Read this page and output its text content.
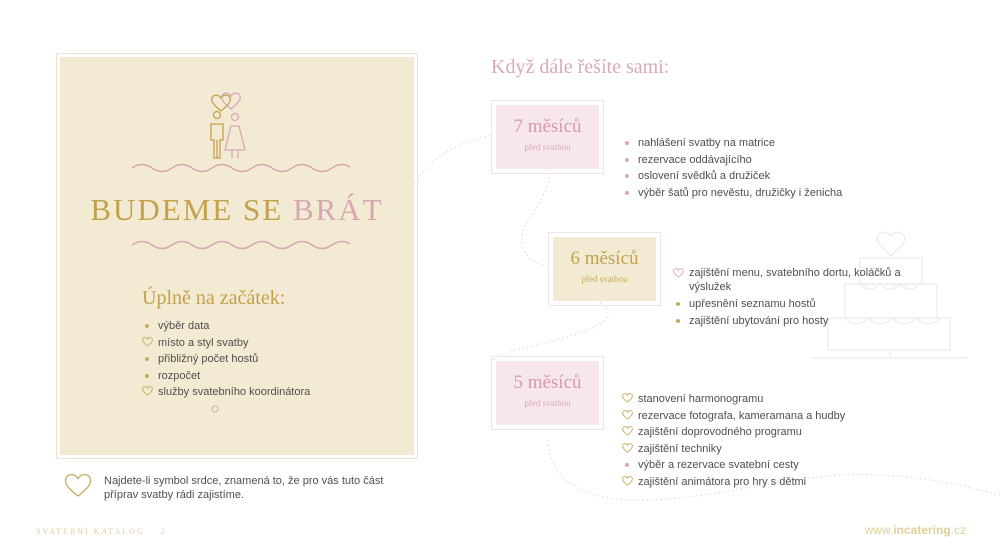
BUDEME SE BRÁT
Úplně na začátek:
výběr data
místo a styl svatby
přibližný počet hostů
rozpočet
služby svatebního koordinátora
Najdete-li symbol srdce, znamená to, že pro vás tuto část příprav svatby rádi zajistíme.
SVATEBNÍ KATALOG 2	www.incatering.cz
Když dále řešíte sami:
7 měsíců
před svatbou	nahlášení svatby na matrice
rezervace oddávajícího
oslovení svědků a družiček
výběr šatů pro nevěstu, družičky i ženicha
6 měsíců
před svatbou	zajištění menu, svatebního dortu, koláčků a výslužek
upřesnění seznamu hostů
zajištění ubytování pro hosty
5 měsíců
před svatbou	stanovení harmonogramu
rezervace fotografa, kameramana a hudby
zajištění doprovodného programu
zajištění techniky
výběr a rezervace svatební cesty
zajištění animátora pro hry s dětmi
